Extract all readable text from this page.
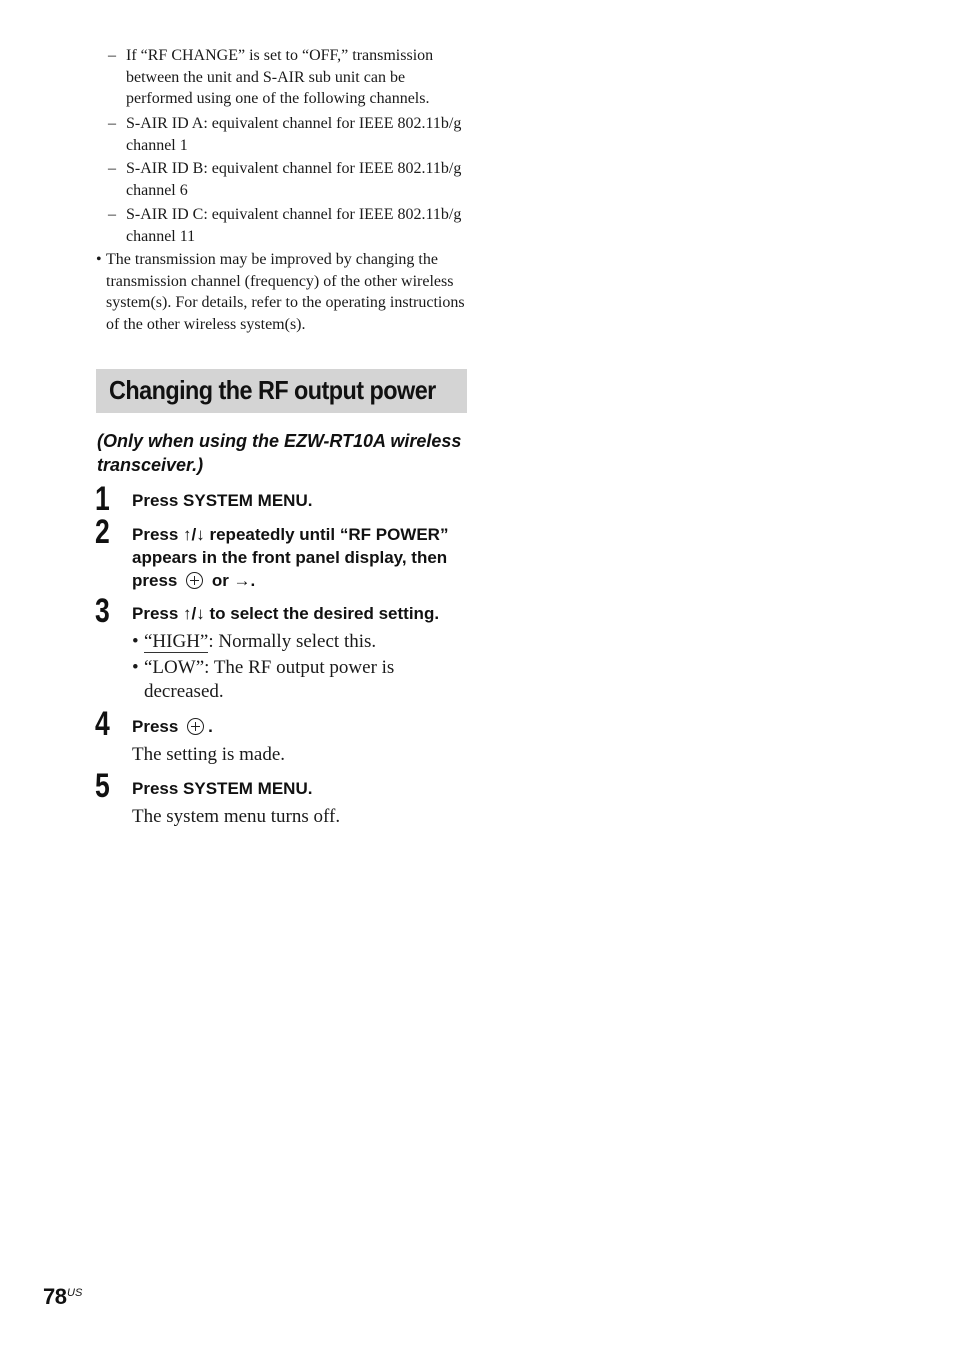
– If “RF CHANGE” is set to “OFF,” transmission between the unit and S-AIR sub unit can be performed using one of the following channels.
– S-AIR ID A: equivalent channel for IEEE 802.11b/g channel 1
– S-AIR ID B: equivalent channel for IEEE 802.11b/g channel 6
– S-AIR ID C: equivalent channel for IEEE 802.11b/g channel 11
• The transmission may be improved by changing the transmission channel (frequency) of the other wireless system(s). For details, refer to the operating instructions of the other wireless system(s).
Changing the RF output power
(Only when using the EZW-RT10A wireless transceiver.)
1 Press SYSTEM MENU.
2 Press ↑/↓ repeatedly until “RF POWER” appears in the front panel display, then press  or →.
3 Press ↑/↓ to select the desired setting.
• “HIGH”: Normally select this.
• “LOW”: The RF output power is decreased.
4 Press .
The setting is made.
5 Press SYSTEM MENU.
The system menu turns off.
78 US
